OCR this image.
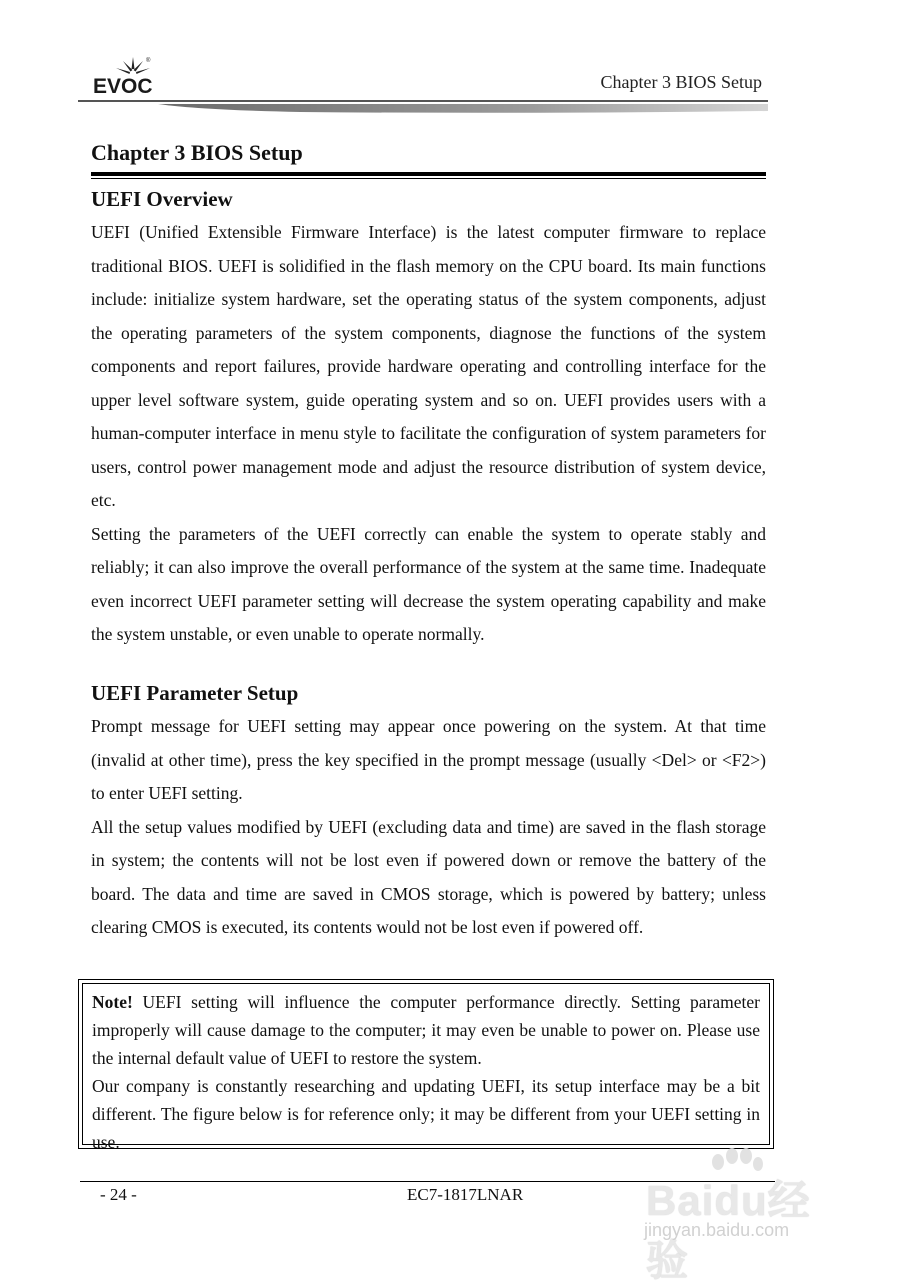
®
EVOC	Chapter 3 BIOS Setup
Chapter 3 BIOS Setup
UEFI Overview

UEFI (Unified Extensible Firmware Interface) is the latest computer firmware to replace traditional BIOS. UEFI is solidified in the flash memory on the CPU board. Its main functions include: initialize system hardware, set the operating status of the system components, adjust the operating parameters of the system components, diagnose the functions of the system components and report failures, provide hardware operating and controlling interface for the upper level software system, guide operating system and so on. UEFI provides users with a human-computer interface in menu style to facilitate the configuration of system parameters for users, control power management mode and adjust the resource distribution of system device, etc.

Setting the parameters of the UEFI correctly can enable the system to operate stably and reliably; it can also improve the overall performance of the system at the same time. Inadequate even incorrect UEFI parameter setting will decrease the system operating capability and make the system unstable, or even unable to operate normally.

UEFI Parameter Setup

Prompt message for UEFI setting may appear once powering on the system. At that time (invalid at other time), press the key specified in the prompt message (usually <Del> or <F2>) to enter UEFI setting.

All the setup values modified by UEFI (excluding data and time) are saved in the flash storage in system; the contents will not be lost even if powered down or remove the battery of the board. The data and time are saved in CMOS storage, which is powered by battery; unless clearing CMOS is executed, its contents would not be lost even if powered off.

Note! UEFI setting will influence the computer performance directly. Setting parameter improperly will cause damage to the computer; it may even be unable to power on. Please use the internal default value of UEFI to restore the system.

Our company is constantly researching and updating UEFI, its setup interface may be a bit different. The figure below is for reference only; it may be different from your UEFI setting in use.

- 24 -	EC7-1817LNAR	Baidu经验
jingyan.baidu.com
